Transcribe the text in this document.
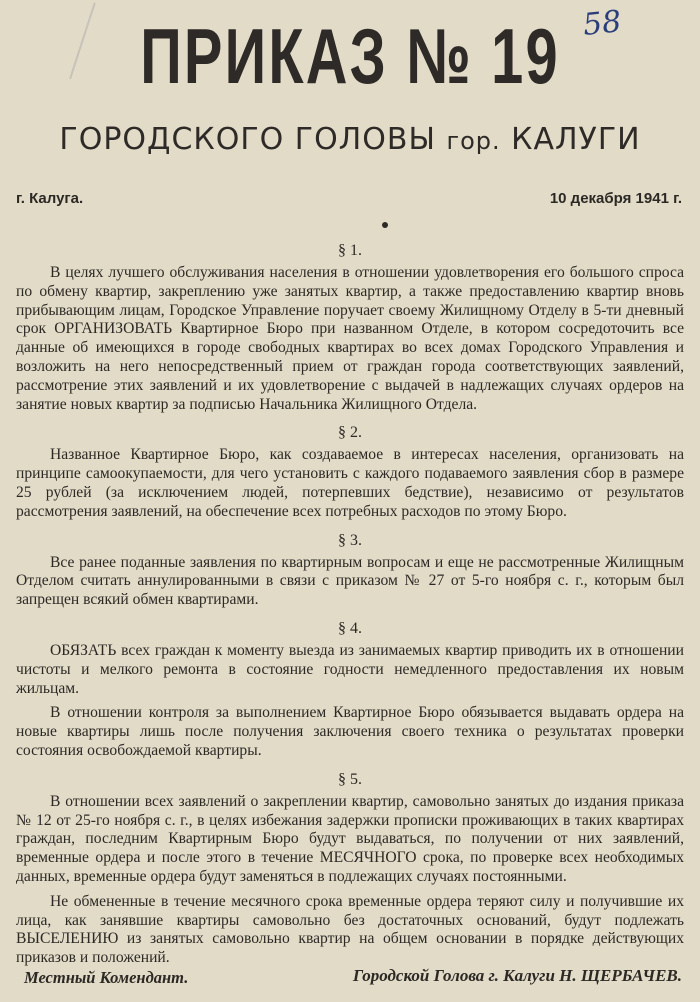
58
ПРИКАЗ № 19
ГОРОДСКОГО ГОЛОВЫ гор. КАЛУГИ
г. Калуга.	10 декабря 1941 г.
§ 1.

В целях лучшего обслуживания населения в отношении удовлетворения его большого спроса по обмену квартир, закреплению уже занятых квартир, а также предоставлению квартир вновь прибывающим лицам, Городское Управление поручает своему Жилищному Отделу в 5-ти дневный срок ОРГАНИЗОВАТЬ Квартирное Бюро при названном Отделе, в котором сосредоточить все данные об имеющихся в городе свободных квартирах во всех домах Городского Управления и возложить на него непосредственный прием от граждан города соответствующих заявлений, рассмотрение этих заявлений и их удовлетворение с выдачей в надлежащих случаях ордеров на занятие новых квартир за подписью Начальника Жилищного Отдела.

§ 2.

Названное Квартирное Бюро, как создаваемое в интересах населения, организовать на принципе самоокупаемости, для чего установить с каждого подаваемого заявления сбор в размере 25 рублей (за исключением людей, потерпевших бедствие), независимо от результатов рассмотрения заявлений, на обеспечение всех потребных расходов по этому Бюро.

§ 3.

Все ранее поданные заявления по квартирным вопросам и еще не рассмотренные Жилищным Отделом считать аннулированными в связи с приказом № 27 от 5-го ноября с. г., которым был запрещен всякий обмен квартирами.

§ 4.

ОБЯЗАТЬ всех граждан к моменту выезда из занимаемых квартир приводить их в отношении чистоты и мелкого ремонта в состояние годности немедленного предоставления их новым жильцам.

В отношении контроля за выполнением Квартирное Бюро обязывается выдавать ордера на новые квартиры лишь после получения заключения своего техника о результатах проверки состояния освобождаемой квартиры.

§ 5.

В отношении всех заявлений о закреплении квартир, самовольно занятых до издания приказа № 12 от 25-го ноября с. г., в целях избежания задержки прописки проживающих в таких квартирах граждан, последним Квартирным Бюро будут выдаваться, по получении от них заявлений, временные ордера и после этого в течение МЕСЯЧНОГО срока, по проверке всех необходимых данных, временные ордера будут заменяться в подлежащих случаях постоянными.

Не обмененные в течение месячного срока временные ордера теряют силу и получившие их лица, как занявшие квартиры самовольно без достаточных оснований, будут подлежать ВЫСЕЛЕНИЮ из занятых самовольно квартир на общем основании в порядке действующих приказов и положений.

Местный Комендант.	Городской Голова г. Калуги Н. ЩЕРБАЧЕВ.
